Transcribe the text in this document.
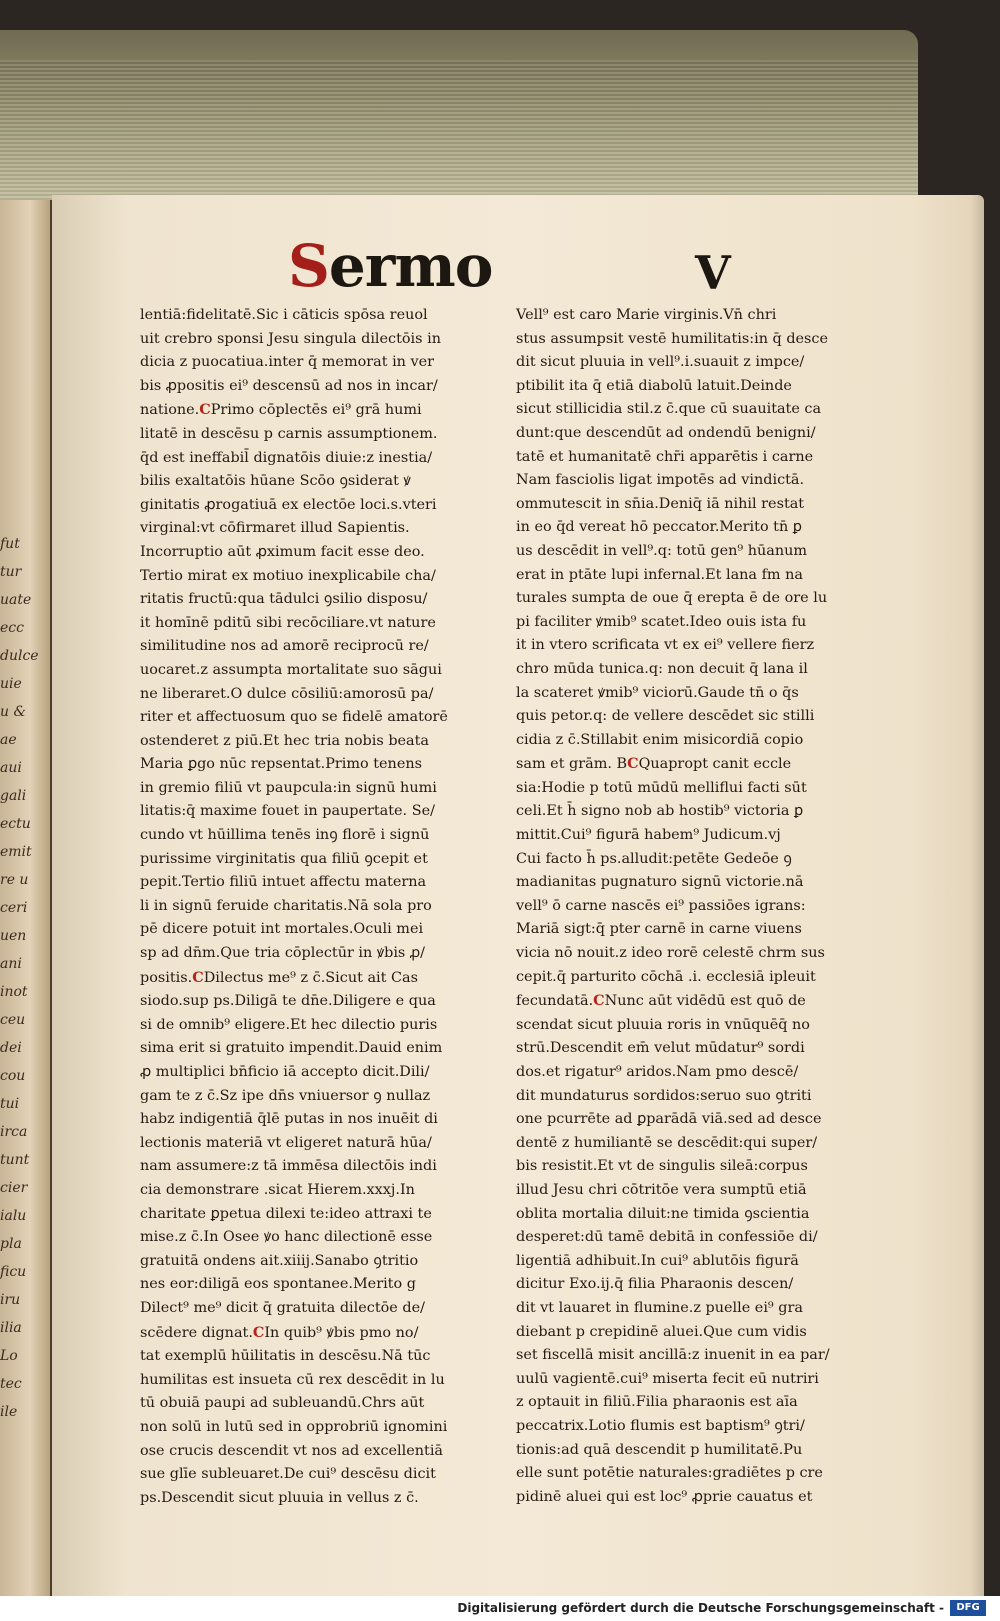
fut
tur
uate
ecc
dulce
uie
u &
ae
aui
gali
ectu
emit
re u
ceri
uen
ani
inot
ceu
dei
cou
tui
irca
tunt
cier
ialu
pla
ficu
iru
ilia
Lo
tec
ile
Sermo	V
lentiā:fidelitatē.Sic i cāticis spōsa reuol
uit crebro sponsi Jesu singula dilectōis in
dicia z puocatiua.inter q̄ memorat in ver
bis ꝓpositis ei⁹ descensū ad nos in incar/
natione.CPrimo cōplectēs ei⁹ grā humi
litatē in descēsu p carnis assumptionem.
q̄d est ineffabil̄ dignatōis diuie:z inestia/
bilis exaltatōis hūane Scōo ꝯsiderat ꝟ
ginitatis ꝓrogatiuā ex electōe loci.s.vteri
virginal:vt cōfirmaret illud Sapientis.
Incorruptio aūt ꝓximum facit esse deo.
Tertio mirat ex motiuo inexplicabile cha/
ritatis fructū:qua tādulci ꝯsilio disposu/
it homīnē pditū sibi recōciliare.vt nature
similitudine nos ad amorē reciprocū re/
uocaret.z assumpta mortalitate suo sāgui
ne liberaret.O dulce cōsiliū:amorosū pa/
riter et affectuosum quo se fidelē amatorē
ostenderet z piū.Et hec tria nobis beata
Maria ꝑgo nūc repsentat.Primo tenens
in gremio filiū vt paupcula:in signū humi
litatis:q̄ maxime fouet in paupertate. Se/
cundo vt hūillima tenēs inꝯ florē i signū
purissime virginitatis qua filiū ꝯcepit et
pepit.Tertio filiū intuet affectu materna
li in signū feruide charitatis.Nā sola pro
pē dicere potuit int mortales.Oculi mei
sp ad dn̄m.Que tria cōplectūr in ꝟbis ꝓ/
positis.CDilectus me⁹ z c̄.Sicut ait Cas
siodo.sup ps.Diligā te dn̄e.Diligere e qua
si de omnib⁹ eligere.Et hec dilectio puris
sima erit si gratuito impendit.Dauid enim
ꝓ multiplici bn̄ficio iā accepto dicit.Dili/
gam te z c̄.Sz ipe dn̄s vniuersor ꝯ nullaz
habz indigentiā q̄lē putas in nos inuēit di
lectionis materiā vt eligeret naturā hūa/
nam assumere:z tā immēsa dilectōis indi
cia demonstrare .sicat Hierem.xxxj.In
charitate ꝑpetua dilexi te:ideo attraxi te
mise.z c̄.In Osee ꝟo hanc dilectionē esse
gratuitā ondens ait.xiiij.Sanabo ꝯtritio
nes eor:diligā eos spontanee.Merito g
Dilect⁹ me⁹ dicit q̄ gratuita dilectōe de/
scēdere dignat.CIn quib⁹ ꝟbis pmo no/
tat exemplū hūilitatis in descēsu.Nā tūc
humilitas est insueta cū rex descēdit in lu
tū obuiā paupi ad subleuandū.Chrs aūt
non solū in lutū sed in opprobriū ignomini
ose crucis descendit vt nos ad excellentiā
sue glīe subleuaret.De cui⁹ descēsu dicit
ps.Descendit sicut pluuia in vellus z c̄.
Vell⁹ est caro Marie virginis.Vn̄ chri
stus assumpsit vestē humilitatis:in q̄ desce
dit sicut pluuia in vell⁹.i.suauit z impce/
ptibilit ita q̄ etiā diabolū latuit.Deinde
sicut stillicidia stil.z c̄.que cū suauitate ca
dunt:que descendūt ad ondendū benigni/
tatē et humanitatē chr̄i apparētis i carne
Nam fasciolis ligat impotēs ad vindictā.
ommutescit in sn̄ia.Deniq̄ iā nihil restat
in eo q̄d vereat hō peccator.Merito tn̄ ꝑ
us descēdit in vell⁹.q: totū gen⁹ hūanum
erat in ptāte lupi infernal.Et lana fm na
turales sumpta de oue q̄ erepta ē de ore lu
pi faciliter ꝟmib⁹ scatet.Ideo ouis ista fu
it in vtero scrificata vt ex ei⁹ vellere fierz
chro mūda tunica.q: non decuit q̄ lana il
la scateret ꝟmib⁹ viciorū.Gaude tn̄ o q̄s
quis petor.q: de vellere descēdet sic stilli
cidia z c̄.Stillabit enim misicordiā copio
sam et grām. BCQuapropt canit eccle
sia:Hodie p totū mūdū melliflui facti sūt
celi.Et h̄ signo nob ab hostib⁹ victoria ꝑ
mittit.Cui⁹ figurā habem⁹ Judicum.vj
Cui facto h̄ ps.alludit:petēte Gedeōe ꝯ
madianitas pugnaturo signū victorie.nā
vell⁹ ō carne nascēs ei⁹ passiōes igrans:
Mariā sigt:q̄ pter carnē in carne viuens
vicia nō nouit.z ideo rorē celestē chrm sus
cepit.q̄ parturito cōchā .i. ecclesiā ipleuit
fecundatā.CNunc aūt vidēdū est quō de
scendat sicut pluuia roris in vnūquēq̄ no
strū.Descendit em̄ velut mūdatur⁹ sordi
dos.et rigatur⁹ aridos.Nam pmo descē/
dit mundaturus sordidos:seruo suo ꝯtriti
one pcurrēte ad ꝑparādā viā.sed ad desce
dentē z humiliantē se descēdit:qui super/
bis resistit.Et vt de singulis sileā:corpus
illud Jesu chri cōtritōe vera sumptū etiā
oblita mortalia diluit:ne timida ꝯscientia
desperet:dū tamē debitā in confessiōe di/
ligentiā adhibuit.In cui⁹ ablutōis figurā
dicitur Exo.ij.q̄ filia Pharaonis descen/
dit vt lauaret in flumine.z puelle ei⁹ gra
diebant p crepidinē aluei.Que cum vidis
set fiscellā misit ancillā:z inuenit in ea par/
uulū vagientē.cui⁹ miserta fecit eū nutriri
z optauit in filiū.Filia pharaonis est aīa
peccatrix.Lotio flumis est baptism⁹ ꝯtri/
tionis:ad quā descendit p humilitatē.Pu
elle sunt potētie naturales:gradiētes p cre
pidinē aluei qui est loc⁹ ꝓprie cauatus et
Digitalisierung gefördert durch die Deutsche Forschungsgemeinschaft -	DFG
